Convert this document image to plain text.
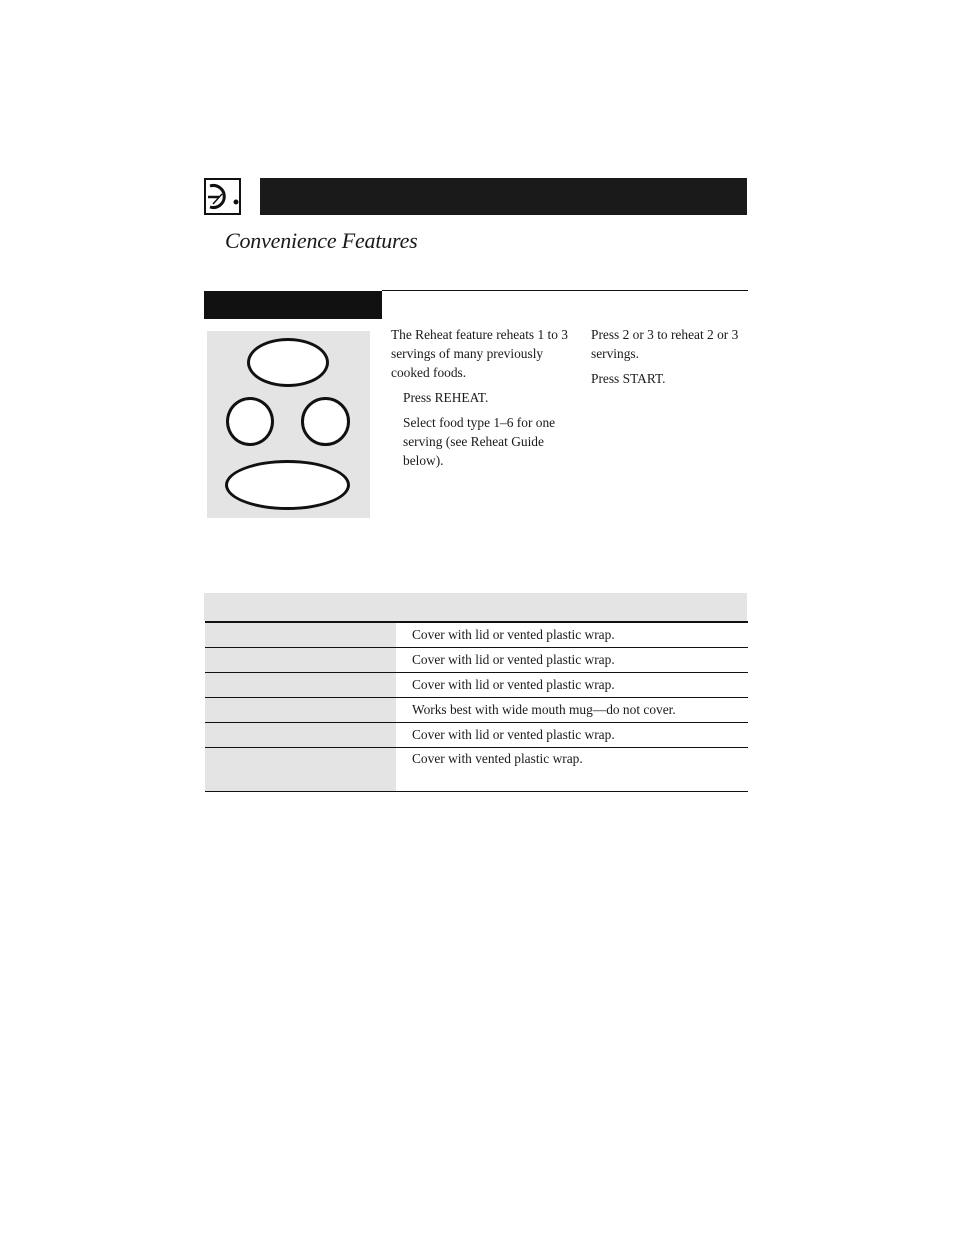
Convenience Features

The Reheat feature reheats 1 to 3 servings of many previously cooked foods.

Press REHEAT.

Select food type 1–6 for one serving (see Reheat Guide below).

Press 2 or 3 to reheat 2 or 3 servings.

Press START.

Cover with lid or vented plastic wrap.
Cover with lid or vented plastic wrap.
Cover with lid or vented plastic wrap.
Works best with wide mouth mug—do not cover.
Cover with lid or vented plastic wrap.
Cover with vented plastic wrap.
